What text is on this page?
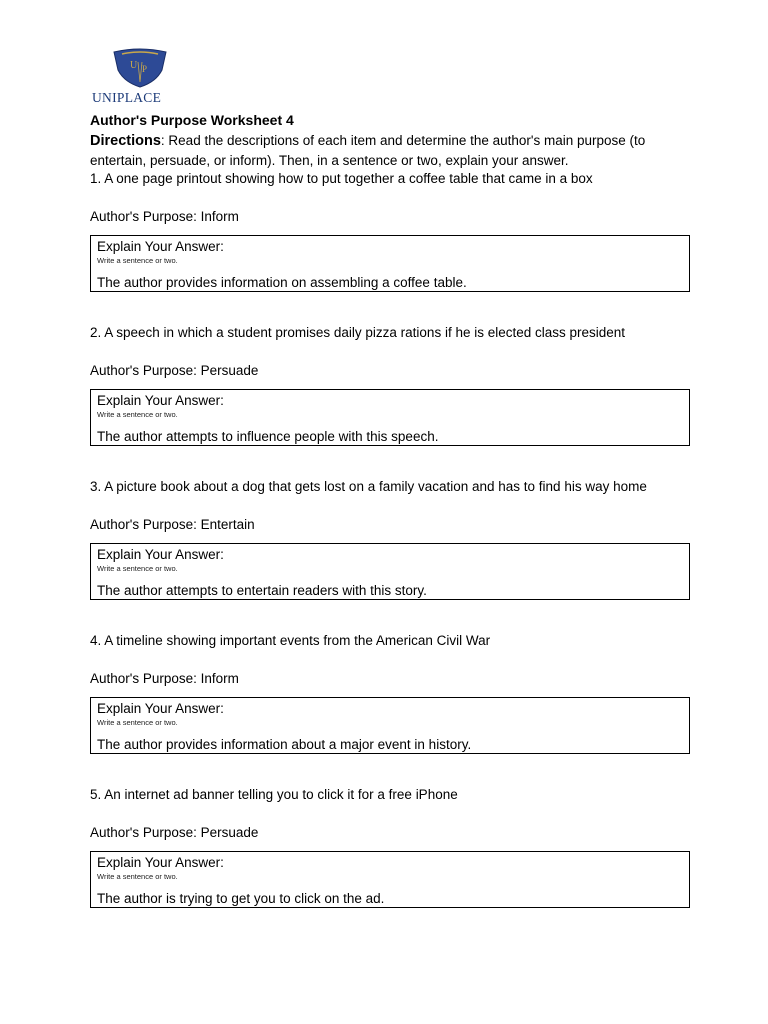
U P
UNIPLACE
Author's Purpose Worksheet 4
Directions: Read the descriptions of each item and determine the author's main purpose (to entertain, persuade, or inform). Then, in a sentence or two, explain your answer.
1. A one page printout showing how to put together a coffee table that came in a box
Author's Purpose: Inform
Explain Your Answer:
Write a sentence or two.
The author provides information on assembling a coffee table.
2. A speech in which a student promises daily pizza rations if he is elected class president
Author's Purpose: Persuade
Explain Your Answer:
Write a sentence or two.
The author attempts to influence people with this speech.
3. A picture book about a dog that gets lost on a family vacation and has to find his way home
Author's Purpose: Entertain
Explain Your Answer:
Write a sentence or two.
The author attempts to entertain readers with this story.
4. A timeline showing important events from the American Civil War
Author's Purpose: Inform
Explain Your Answer:
Write a sentence or two.
The author provides information about a major event in history.
5. An internet ad banner telling you to click it for a free iPhone
Author's Purpose: Persuade
Explain Your Answer:
Write a sentence or two.
The author is trying to get you to click on the ad.
